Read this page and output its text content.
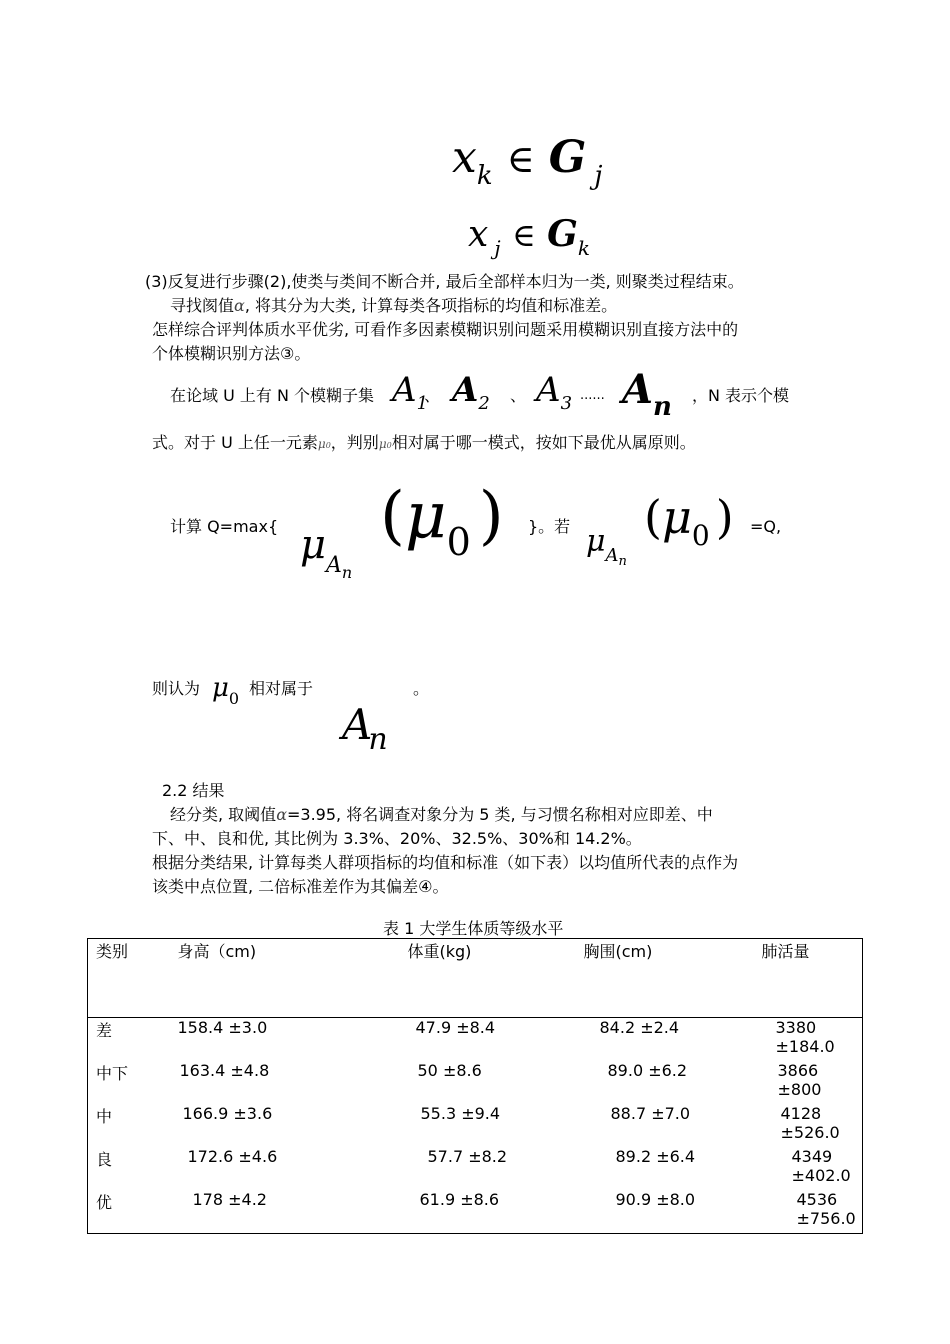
$x_k$ ∈ G $_j$
x $_j$ ∈ $G_k$
(3)反复进行步骤(2),使类与类间不断合并, 最后全部样本归为一类, 则聚类过程结束。
寻找阂值α, 将其分为大类, 计算每类各项指标的均值和标准差。
怎样综合评判体质水平优劣, 可看作多因素模糊识别问题采用模糊识别直接方法中的
个体模糊识别方法③。
在论域 U 上有 N 个模糊子集 $A_1$
、 $A_2$ 、 $A_3$ ...... $A_n$ ，N 表示个模
式。对于 U 上任一元素μ0，判别μ0相对属于哪一模式，按如下最优从属原则。
计算 Q=max{ $\mu_{A_n}$
($\mu_0$ ) }。若 $\mu_{A_n}$
($\mu_0$ ) =Q,
则认为 $\mu_0$
相对属于	。
$A_n$
2.2 结果
经分类, 取阈值α=3.95, 将名调查对象分为 5 类, 与习惯名称相对应即差、中
下、中、良和优, 其比例为 3.3%、20%、32.5%、30%和 14.2%。
根据分类结果, 计算每类人群项指标的均值和标准（如下表）以均值所代表的点作为
该类中点位置, 二倍标准差作为其偏差④。
表 1 大学生体质等级水平
类别	身高（cm)	体重(kg)	胸围(cm)	肺活量
差	158.4 ±3.0	47.9 ±8.4	84.2 ±2.4	3380 ±184.0
中下	163.4 ±4.8	50 ±8.6	89.0 ±6.2	3866 ±800
中	166.9 ±3.6	55.3 ±9.4	88.7 ±7.0	4128 ±526.0
良	172.6 ±4.6	57.7 ±8.2	89.2 ±6.4	4349 ±402.0
优	178 ±4.2	61.9 ±8.6	90.9 ±8.0	4536 ±756.0
